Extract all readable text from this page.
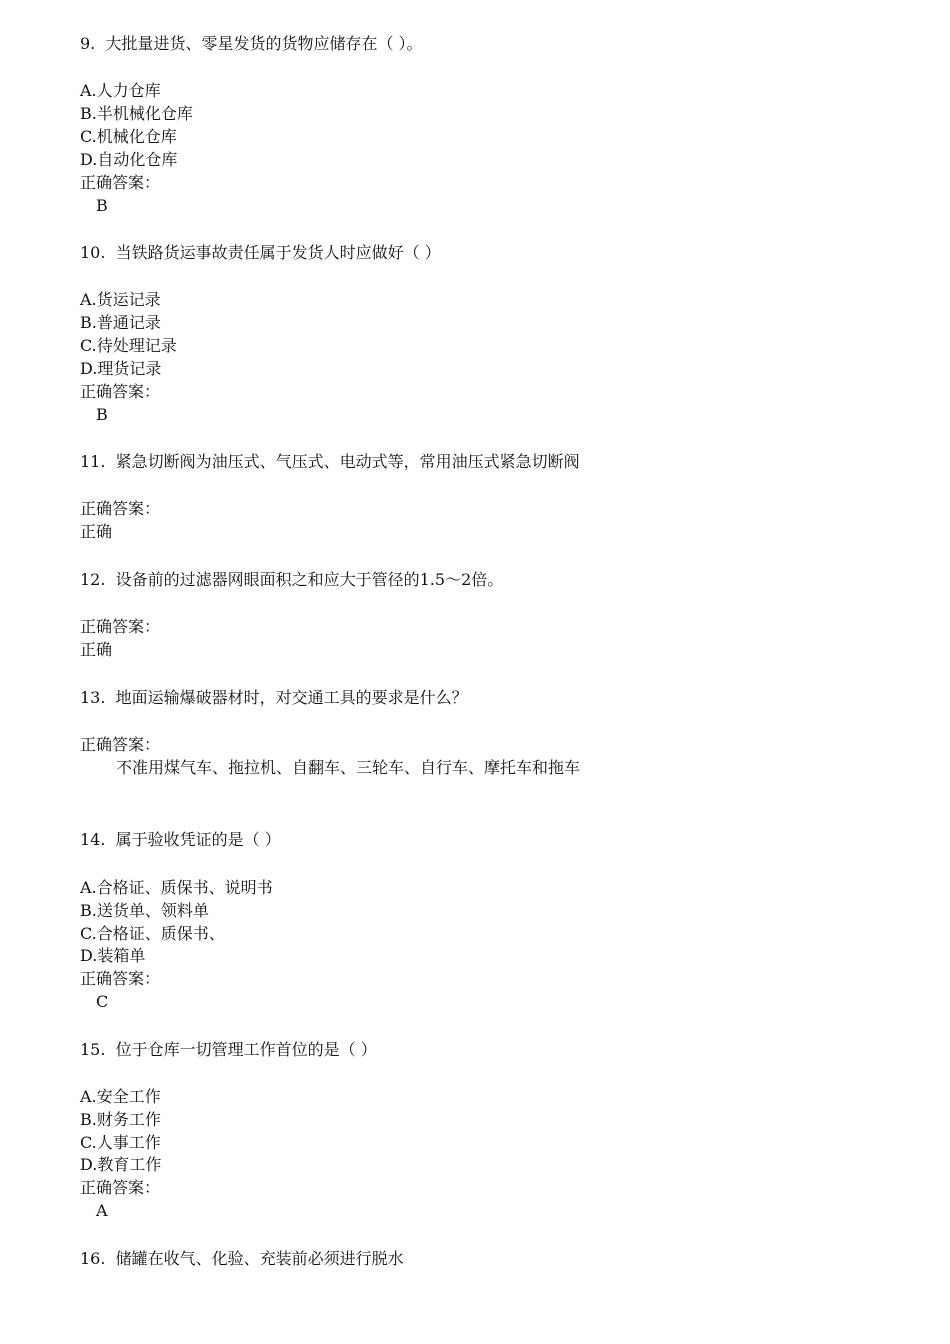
9. 大批量进货、零星发货的货物应储存在（ ）。

A.人力仓库

B.半机械化仓库

C.机械化仓库

D.自动化仓库

正确答案：

B

10. 当铁路货运事故责任属于发货人时应做好（ ）

A.货运记录

B.普通记录

C.待处理记录

D.理货记录

正确答案：

B

11. 紧急切断阀为油压式、气压式、电动式等，常用油压式紧急切断阀

正确答案：

正确

12. 设备前的过滤器网眼面积之和应大于管径的1.5～2倍。

正确答案：

正确

13. 地面运输爆破器材时，对交通工具的要求是什么？

正确答案：

不准用煤气车、拖拉机、自翻车、三轮车、自行车、摩托车和拖车

14. 属于验收凭证的是（ ）

A.合格证、质保书、说明书

B.送货单、领料单

C.合格证、质保书、

D.装箱单

正确答案：

C

15. 位于仓库一切管理工作首位的是（ ）

A.安全工作

B.财务工作

C.人事工作

D.教育工作

正确答案：

A

16. 储罐在收气、化验、充装前必须进行脱水
